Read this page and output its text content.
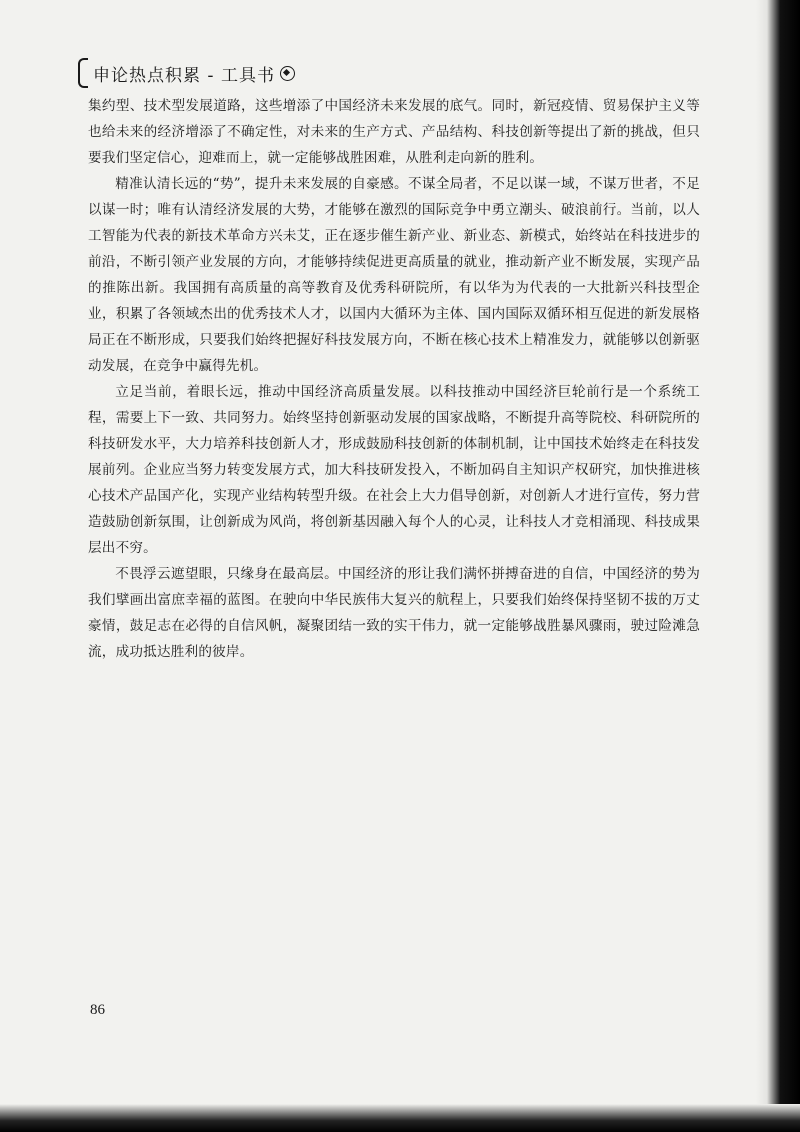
申论热点积累 - 工具书

集约型、技术型发展道路，这些增添了中国经济未来发展的底气。同时，新冠疫情、贸易保护主义等也给未来的经济增添了不确定性，对未来的生产方式、产品结构、科技创新等提出了新的挑战，但只要我们坚定信心，迎难而上，就一定能够战胜困难，从胜利走向新的胜利。

精准认清长远的“势”，提升未来发展的自豪感。不谋全局者，不足以谋一域，不谋万世者，不足以谋一时；唯有认清经济发展的大势，才能够在激烈的国际竞争中勇立潮头、破浪前行。当前，以人工智能为代表的新技术革命方兴未艾，正在逐步催生新产业、新业态、新模式，始终站在科技进步的前沿，不断引领产业发展的方向，才能够持续促进更高质量的就业，推动新产业不断发展，实现产品的推陈出新。我国拥有高质量的高等教育及优秀科研院所，有以华为为代表的一大批新兴科技型企业，积累了各领域杰出的优秀技术人才，以国内大循环为主体、国内国际双循环相互促进的新发展格局正在不断形成，只要我们始终把握好科技发展方向，不断在核心技术上精准发力，就能够以创新驱动发展，在竞争中赢得先机。

立足当前，着眼长远，推动中国经济高质量发展。以科技推动中国经济巨轮前行是一个系统工程，需要上下一致、共同努力。始终坚持创新驱动发展的国家战略，不断提升高等院校、科研院所的科技研发水平，大力培养科技创新人才，形成鼓励科技创新的体制机制，让中国技术始终走在科技发展前列。企业应当努力转变发展方式，加大科技研发投入，不断加码自主知识产权研究，加快推进核心技术产品国产化，实现产业结构转型升级。在社会上大力倡导创新，对创新人才进行宣传，努力营造鼓励创新氛围，让创新成为风尚，将创新基因融入每个人的心灵，让科技人才竞相涌现、科技成果层出不穷。

不畏浮云遮望眼，只缘身在最高层。中国经济的形让我们满怀拼搏奋进的自信，中国经济的势为我们擘画出富庶幸福的蓝图。在驶向中华民族伟大复兴的航程上，只要我们始终保持坚韧不拔的万丈豪情，鼓足志在必得的自信风帆，凝聚团结一致的实干伟力，就一定能够战胜暴风骤雨，驶过险滩急流，成功抵达胜利的彼岸。

86
